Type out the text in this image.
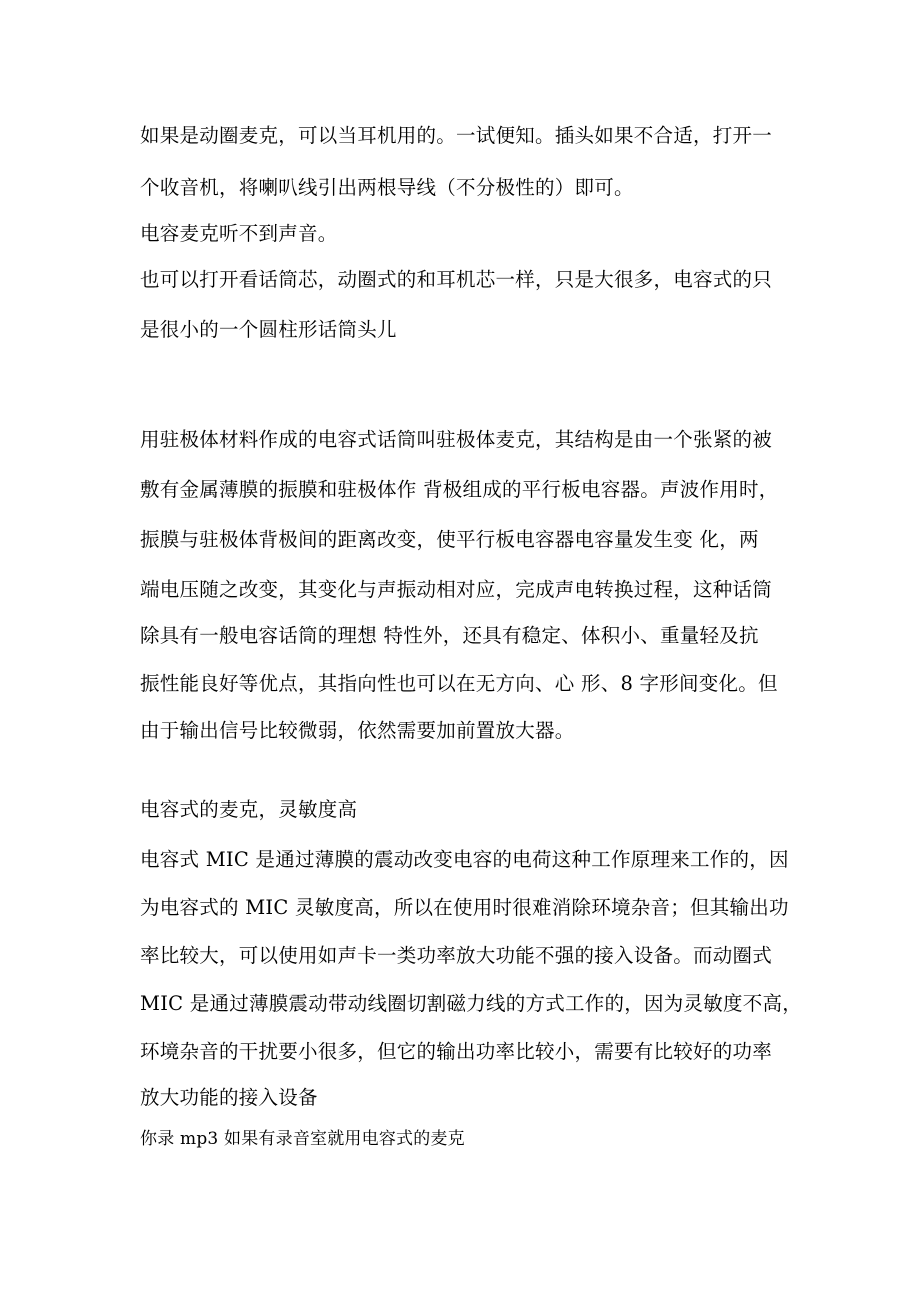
如果是动圈麦克，可以当耳机用的。一试便知。插头如果不合适，打开一
个收音机，将喇叭线引出两根导线（不分极性的）即可。
电容麦克听不到声音。
也可以打开看话筒芯，动圈式的和耳机芯一样，只是大很多，电容式的只
是很小的一个圆柱形话筒头儿
用驻极体材料作成的电容式话筒叫驻极体麦克，其结构是由一个张紧的被
敷有金属薄膜的振膜和驻极体作 背极组成的平行板电容器。声波作用时，
振膜与驻极体背极间的距离改变，使平行板电容器电容量发生变 化，两
端电压随之改变，其变化与声振动相对应，完成声电转换过程，这种话筒
除具有一般电容话筒的理想 特性外，还具有稳定、体积小、重量轻及抗
振性能良好等优点，其指向性也可以在无方向、心 形、8 字形间变化。但
由于输出信号比较微弱，依然需要加前置放大器。
电容式的麦克，灵敏度高
电容式 MIC 是通过薄膜的震动改变电容的电荷这种工作原理来工作的，因
为电容式的 MIC 灵敏度高，所以在使用时很难消除环境杂音；但其输出功
率比较大，可以使用如声卡一类功率放大功能不强的接入设备。而动圈式
MIC 是通过薄膜震动带动线圈切割磁力线的方式工作的，因为灵敏度不高，
环境杂音的干扰要小很多，但它的输出功率比较小，需要有比较好的功率
放大功能的接入设备
你录 mp3 如果有录音室就用电容式的麦克
